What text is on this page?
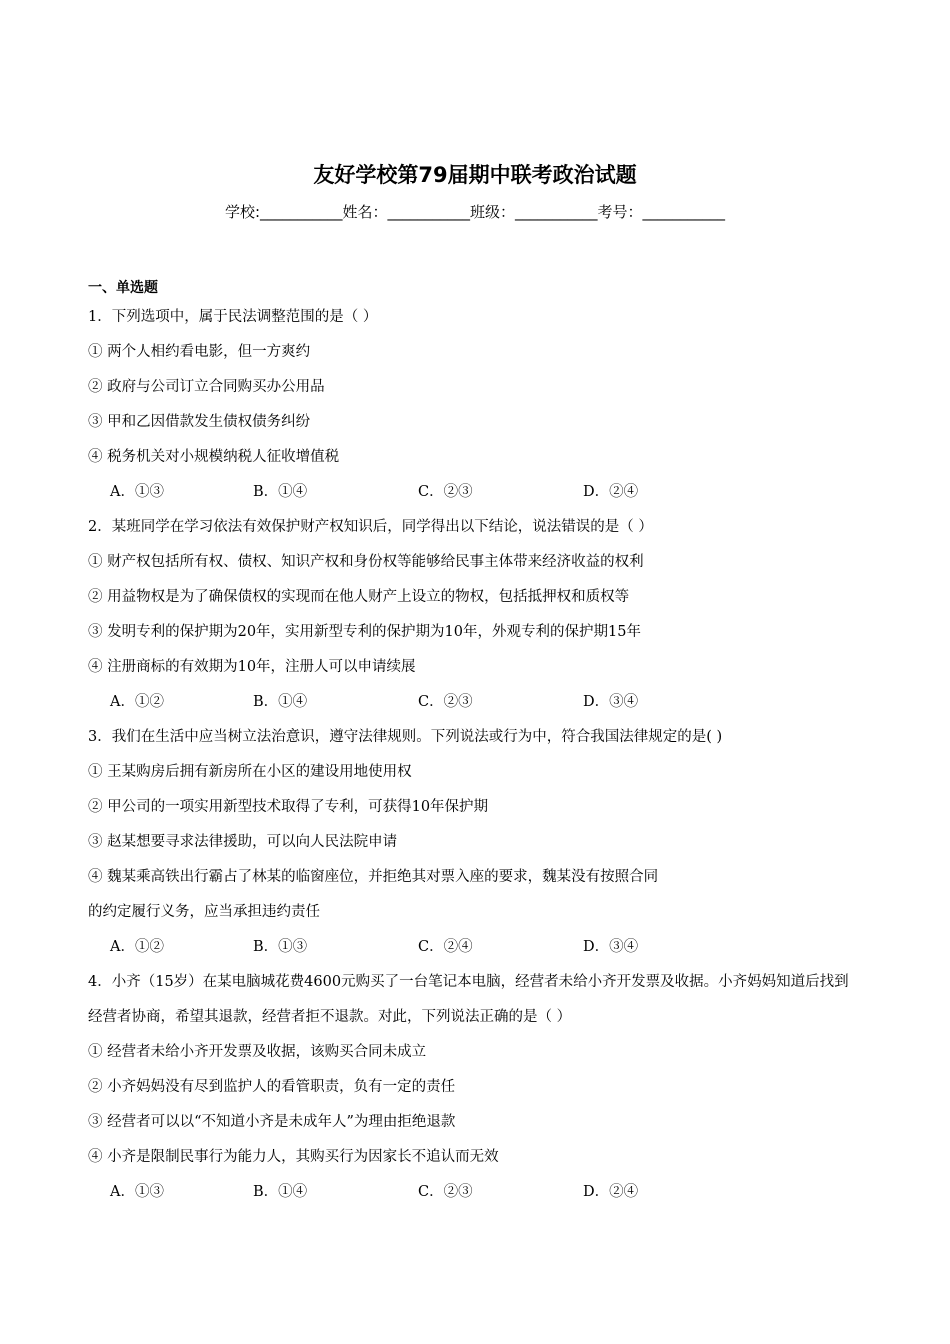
友好学校第79届期中联考政治试题
学校:___________姓名：___________班级：___________考号：___________
一、单选题
1．下列选项中，属于民法调整范围的是（ ）
① 两个人相约看电影，但一方爽约
② 政府与公司订立合同购买办公用品
③ 甲和乙因借款发生债权债务纠纷
④ 税务机关对小规模纳税人征收增值税
A．①③	B．①④	C．②③	D．②④
2．某班同学在学习依法有效保护财产权知识后，同学得出以下结论，说法错误的是（ ）
① 财产权包括所有权、债权、知识产权和身份权等能够给民事主体带来经济收益的权利
② 用益物权是为了确保债权的实现而在他人财产上设立的物权，包括抵押权和质权等
③ 发明专利的保护期为20年，实用新型专利的保护期为10年，外观专利的保护期15年
④ 注册商标的有效期为10年，注册人可以申请续展
A．①②	B．①④	C．②③	D．③④
3．我们在生活中应当树立法治意识，遵守法律规则。下列说法或行为中，符合我国法律规定的是( )
① 王某购房后拥有新房所在小区的建设用地使用权
② 甲公司的一项实用新型技术取得了专利，可获得10年保护期
③ 赵某想要寻求法律援助，可以向人民法院申请
④ 魏某乘高铁出行霸占了林某的临窗座位，并拒绝其对票入座的要求，魏某没有按照合同
的约定履行义务，应当承担违约责任
A．①②	B．①③	C．②④	D．③④
4．小齐（15岁）在某电脑城花费4600元购买了一台笔记本电脑，经营者未给小齐开发票及收据。小齐妈妈知道后找到经营者协商，希望其退款，经营者拒不退款。对此，下列说法正确的是（ ）
① 经营者未给小齐开发票及收据，该购买合同未成立
② 小齐妈妈没有尽到监护人的看管职责，负有一定的责任
③ 经营者可以以“不知道小齐是未成年人”为理由拒绝退款
④ 小齐是限制民事行为能力人，其购买行为因家长不追认而无效
A．①③	B．①④	C．②③	D．②④
